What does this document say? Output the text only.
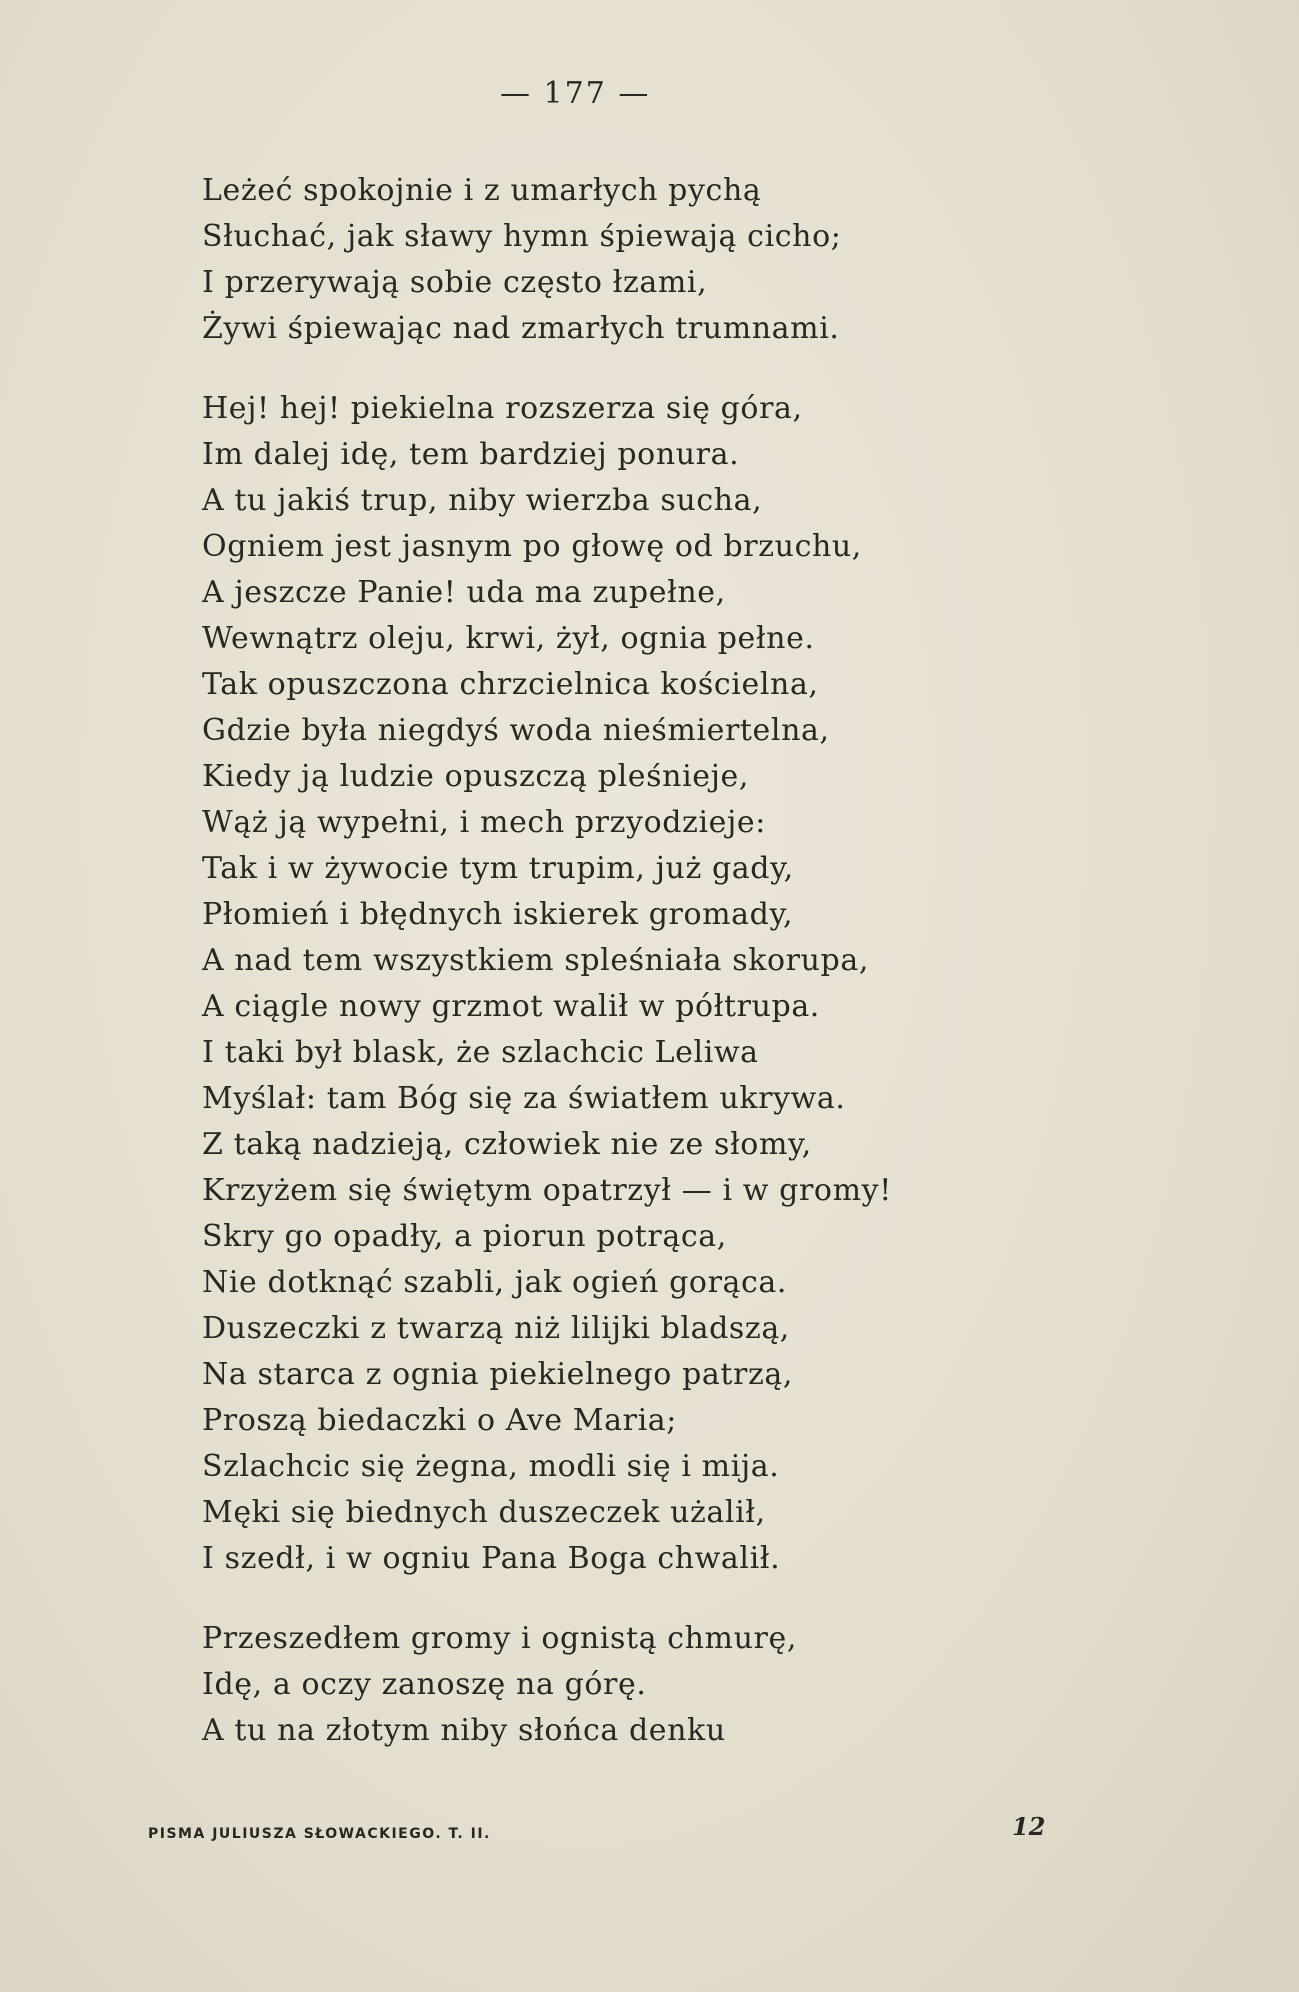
— 177 —
Leżeć spokojnie i z umarłych pychą
Słuchać, jak sławy hymn śpiewają cicho;
I przerywają sobie często łzami,
Żywi śpiewając nad zmarłych trumnami.
Hej! hej! piekielna rozszerza się góra,
Im dalej idę, tem bardziej ponura.
A tu jakiś trup, niby wierzba sucha,
Ogniem jest jasnym po głowę od brzuchu,
A jeszcze Panie! uda ma zupełne,
Wewnątrz oleju, krwi, żył, ognia pełne.
Tak opuszczona chrzcielnica kościelna,
Gdzie była niegdyś woda nieśmiertelna,
Kiedy ją ludzie opuszczą pleśnieje,
Wąż ją wypełni, i mech przyodzieje:
Tak i w żywocie tym trupim, już gady,
Płomień i błędnych iskierek gromady,
A nad tem wszystkiem spleśniała skorupa,
A ciągle nowy grzmot walił w półtrupa.
I taki był blask, że szlachcic Leliwa
Myślał: tam Bóg się za światłem ukrywa.
Z taką nadzieją, człowiek nie ze słomy,
Krzyżem się świętym opatrzył — i w gromy!
Skry go opadły, a piorun potrąca,
Nie dotknąć szabli, jak ogień gorąca.
Duszeczki z twarzą niż lilijki bladszą,
Na starca z ognia piekielnego patrzą,
Proszą biedaczki o Ave Maria;
Szlachcic się żegna, modli się i mija.
Męki się biednych duszeczek użalił,
I szedł, i w ogniu Pana Boga chwalił.
Przeszedłem gromy i ognistą chmurę,
Idę, a oczy zanoszę na górę.
A tu na złotym niby słońca denku
PISMA JULIUSZA SŁOWACKIEGO. T. II.	12
